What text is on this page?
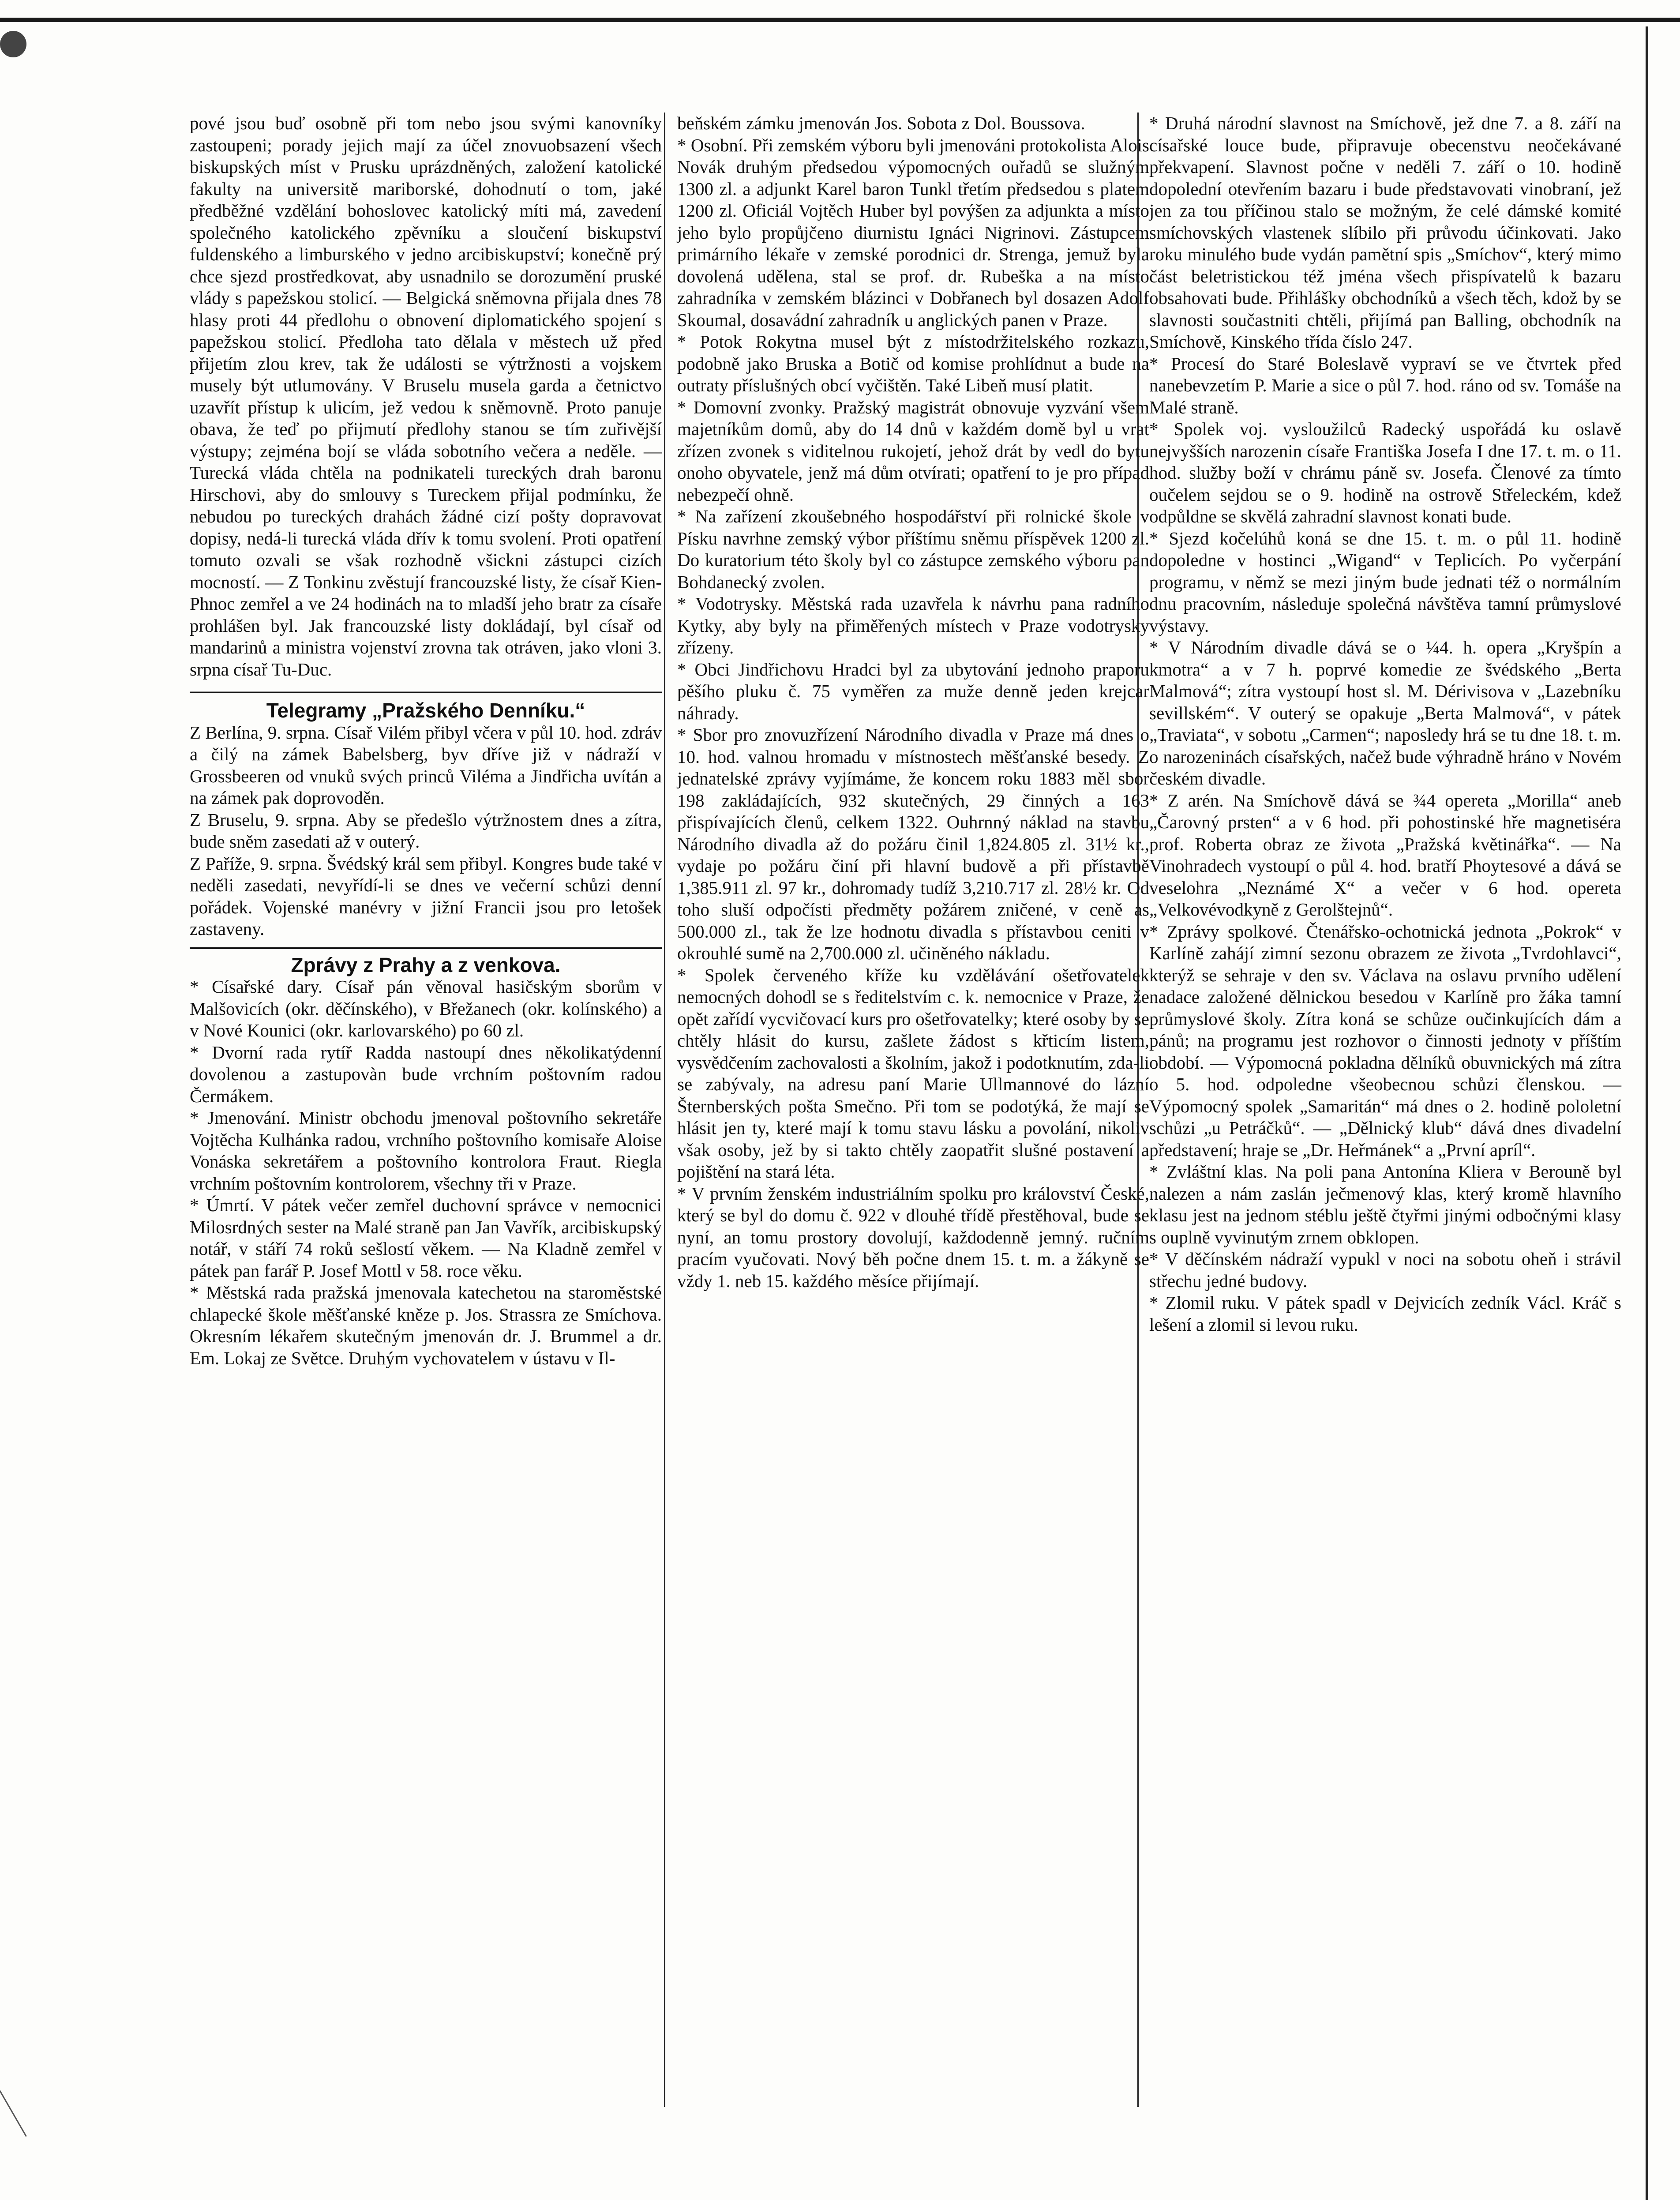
pové jsou buď osobně při tom nebo jsou svými kanovníky zastoupeni; porady jejich mají za účel znovuobsazení všech biskupských míst v Prusku uprázdněných, založení katolické fakulty na universitě mariborské, dohodnutí o tom, jaké předběžné vzdělání bohoslovec katolický míti má, zavedení společného katolického zpěvníku a sloučení biskupství fuldenského a limburského v jedno arcibiskupství; konečně prý chce sjezd prostředkovat, aby usnadnilo se dorozumění pruské vlády s papežskou stolicí. — Belgická sněmovna přijala dnes 78 hlasy proti 44 předlohu o obnovení diplomatického spojení s papežskou stolicí. Předloha tato dělala v městech už před přijetím zlou krev, tak že události se výtržnosti a vojskem musely být utlumovány. V Bruselu musela garda a četnictvo uzavřít přístup k ulicím, jež vedou k sněmovně. Proto panuje obava, že teď po přijmutí předlohy stanou se tím zuřivější výstupy; zejména bojí se vláda sobotního večera a neděle. — Turecká vláda chtěla na podnikateli tureckých drah baronu Hirschovi, aby do smlouvy s Tureckem přijal podmínku, že nebudou po tureckých drahách žádné cizí pošty dopravovat dopisy, nedá-li turecká vláda dřív k tomu svolení. Proti opatření tomuto ozvali se však rozhodně všickni zástupci cizích mocností. — Z Tonkinu zvěstují francouzské listy, že císař Kien-Phnoc zemřel a ve 24 hodinách na to mladší jeho bratr za císaře prohlášen byl. Jak francouzské listy dokládají, byl císař od mandarinů a ministra vojenství zrovna tak otráven, jako vloni 3. srpna císař Tu-Duc.

Telegramy „Pražského Denníku.“

Z Berlína, 9. srpna. Císař Vilém přibyl včera v půl 10. hod. zdráv a čilý na zámek Babelsberg, byv dříve již v nádraží v Grossbeeren od vnuků svých princů Viléma a Jindřicha uvítán a na zámek pak doprovoděn.

Z Bruselu, 9. srpna. Aby se předešlo výtržnostem dnes a zítra, bude sněm zasedati až v outerý.

Z Paříže, 9. srpna. Švédský král sem přibyl. Kongres bude také v neděli zasedati, nevyřídí-li se dnes ve večerní schůzi denní pořádek. Vojenské manévry v jižní Francii jsou pro letošek zastaveny.

Zprávy z Prahy a z venkova.

* Císařské dary. Císař pán věnoval hasičským sborům v Malšovicích (okr. děčínského), v Břežanech (okr. kolínského) a v Nové Kounici (okr. karlovarského) po 60 zl.

* Dvorní rada rytíř Radda nastoupí dnes několikatýdenní dovolenou a zastupovàn bude vrchním poštovním radou Čermákem.

* Jmenování. Ministr obchodu jmenoval poštovního sekretáře Vojtěcha Kulhánka radou, vrchního poštovního komisaře Aloise Vonáska sekretářem a poštovního kontrolora Fraut. Riegla vrchním poštovním kontrolorem, všechny tři v Praze.

* Úmrtí. V pátek večer zemřel duchovní správce v nemocnici Milosrdných sester na Malé straně pan Jan Vavřík, arcibiskupský notář, v stáří 74 roků sešlostí věkem. — Na Kladně zemřel v pátek pan farář P. Josef Mottl v 58. roce věku.

* Městská rada pražská jmenovala katechetou na staroměstské chlapecké škole měšťanské kněze p. Jos. Strassra ze Smíchova. Okresním lékařem skutečným jmenován dr. J. Brummel a dr. Em. Lokaj ze Světce. Druhým vychovatelem v ústavu v Il-

beňském zámku jmenován Jos. Sobota z Dol. Boussova.

* Osobní. Při zemském výboru byli jmenováni protokolista Alois Novák druhým předsedou výpomocných ouřadů se služným 1300 zl. a adjunkt Karel baron Tunkl třetím předsedou s platem 1200 zl. Oficiál Vojtěch Huber byl povýšen za adjunkta a místo jeho bylo propůjčeno diurnistu Ignáci Nigrinovi. Zástupcem primárního lékaře v zemské porodnici dr. Strenga, jemuž byla dovolená udělena, stal se prof. dr. Rubeška a na místo zahradníka v zemském blázinci v Dobřanech byl dosazen Adolf Skoumal, dosavádní zahradník u anglických panen v Praze.

* Potok Rokytna musel být z místodržitelského rozkazu, podobně jako Bruska a Botič od komise prohlídnut a bude na outraty příslušných obcí vyčištěn. Také Libeň musí platit.

* Domovní zvonky. Pražský magistrát obnovuje vyzvání všem majetníkům domů, aby do 14 dnů v každém domě byl u vrat zřízen zvonek s viditelnou rukojetí, jehož drát by vedl do bytu onoho obyvatele, jenž má dům otvírati; opatření to je pro případ nebezpečí ohně.

* Na zařízení zkoušebného hospodářství při rolnické škole v Písku navrhne zemský výbor příštímu sněmu příspěvek 1200 zl. Do kuratorium této školy byl co zástupce zemského výboru pan Bohdanecký zvolen.

* Vodotrysky. Městská rada uzavřela k návrhu pana radního Kytky, aby byly na přiměřených místech v Praze vodotrysky zřízeny.

* Obci Jindřichovu Hradci byl za ubytování jednoho praporu pěšího pluku č. 75 vyměřen za muže denně jeden krejcar náhrady.

* Sbor pro znovuzřízení Národního divadla v Praze má dnes o 10. hod. valnou hromadu v místnostech měšťanské besedy. Z jednatelské zprávy vyjímáme, že koncem roku 1883 měl sbor 198 zakládajících, 932 skutečných, 29 činných a 163 přispívajících členů, celkem 1322. Ouhrnný náklad na stavbu Národního divadla až do požáru činil 1,824.805 zl. 31½ kr., vydaje po požáru činí při hlavní budově a při přístavbě 1,385.911 zl. 97 kr., dohromady tudíž 3,210.717 zl. 28½ kr. Od toho sluší odpočísti předměty požárem zničené, v ceně as 500.000 zl., tak že lze hodnotu divadla s přístavbou ceniti v okrouhlé sumě na 2,700.000 zl. učiněného nákladu.

* Spolek červeného kříže ku vzdělávání ošetřovatelek nemocných dohodl se s ředitelstvím c. k. nemocnice v Praze, že opět zařídí vycvičovací kurs pro ošetřovatelky; které osoby by se chtěly hlásit do kursu, zašlete žádost s křticím listem, vysvědčením zachovalosti a školním, jakož i podotknutím, zda-li se zabývaly, na adresu paní Marie Ullmannové do lázní Šternberských pošta Smečno. Při tom se podotýká, že mají se hlásit jen ty, které mají k tomu stavu lásku a povolání, nikoliv však osoby, jež by si takto chtěly zaopatřit slušné postavení a pojištění na stará léta.

* V prvním ženském industriálním spolku pro království České, který se byl do domu č. 922 v dlouhé třídě přestěhoval, bude se nyní, an tomu prostory dovolují, každodenně jemný. ručním pracím vyučovati. Nový běh počne dnem 15. t. m. a žákyně se vždy 1. neb 15. každého měsíce přijímají.

* Druhá národní slavnost na Smíchově, jež dne 7. a 8. září na císařské louce bude, připravuje obecenstvu neočekávané překvapení. Slavnost počne v neděli 7. září o 10. hodině dopolední otevřením bazaru i bude představovati vinobraní, jež jen za tou příčinou stalo se možným, že celé dámské komité smíchovských vlastenek slíbilo při průvodu účinkovati. Jako roku minulého bude vydán pamětní spis „Smíchov“, který mimo část beletristickou též jména všech přispívatelů k bazaru obsahovati bude. Přihlášky obchodníků a všech těch, kdož by se slavnosti součastniti chtěli, přijímá pan Balling, obchodník na Smíchově, Kinského třída číslo 247.

* Procesí do Staré Boleslavě vypraví se ve čtvrtek před nanebevzetím P. Marie a sice o půl 7. hod. ráno od sv. Tomáše na Malé straně.

* Spolek voj. vysloužilců Radecký uspořádá ku oslavě nejvyšších narozenin císaře Františka Josefa I dne 17. t. m. o 11. hod. služby boží v chrámu páně sv. Josefa. Členové za tímto oučelem sejdou se o 9. hodině na ostrově Střeleckém, kdež odpůldne se skvělá zahradní slavnost konati bude.

* Sjezd kočelúhů koná se dne 15. t. m. o půl 11. hodině dopoledne v hostinci „Wigand“ v Teplicích. Po vyčerpání programu, v němž se mezi jiným bude jednati též o normálním dnu pracovním, následuje společná návštěva tamní průmyslové výstavy.

* V Národním divadle dává se o ¼4. h. opera „Kryšpín a kmotra“ a v 7 h. poprvé komedie ze švédského „Berta Malmová“; zítra vystoupí host sl. M. Dérivisova v „Lazebníku sevillském“. V outerý se opakuje „Berta Malmová“, v pátek „Traviata“, v sobotu „Carmen“; naposledy hrá se tu dne 18. t. m. o narozeninách císařských, načež bude výhradně hráno v Novém českém divadle.

* Z arén. Na Smíchově dává se ¾4 opereta „Morilla“ aneb „Čarovný prsten“ a v 6 hod. při pohostinské hře magnetiséra prof. Roberta obraz ze života „Pražská květinářka“. — Na Vinohradech vystoupí o půl 4. hod. bratří Phoytesové a dává se veselohra „Neznámé X“ a večer v 6 hod. opereta „Velkovévodkyně z Gerolštejnů“.

* Zprávy spolkové. Čtenářsko-ochotnická jednota „Pokrok“ v Karlíně zahájí zimní sezonu obrazem ze života „Tvrdohlavci“, kterýž se sehraje v den sv. Václava na oslavu prvního udělení nadace založené dělnickou besedou v Karlíně pro žáka tamní průmyslové školy. Zítra koná se schůze oučinkujících dám a pánů; na programu jest rozhovor o činnosti jednoty v příštím období. — Výpomocná pokladna dělníků obuvnických má zítra o 5. hod. odpoledne všeobecnou schůzi členskou. — Výpomocný spolek „Samaritán“ má dnes o 2. hodině pololetní schůzi „u Petráčků“. — „Dělnický klub“ dává dnes divadelní představení; hraje se „Dr. Heřmánek“ a „První apríl“.

* Zvláštní klas. Na poli pana Antonína Kliera v Berouně byl nalezen a nám zaslán ječmenový klas, který kromě hlavního klasu jest na jednom stéblu ještě čtyřmi jinými odbočnými klasy s ouplně vyvinutým zrnem obklopen.

* V děčínském nádraží vypukl v noci na sobotu oheň i strávil střechu jedné budovy.

* Zlomil ruku. V pátek spadl v Dejvicích zedník Václ. Kráč s lešení a zlomil si levou ruku.
